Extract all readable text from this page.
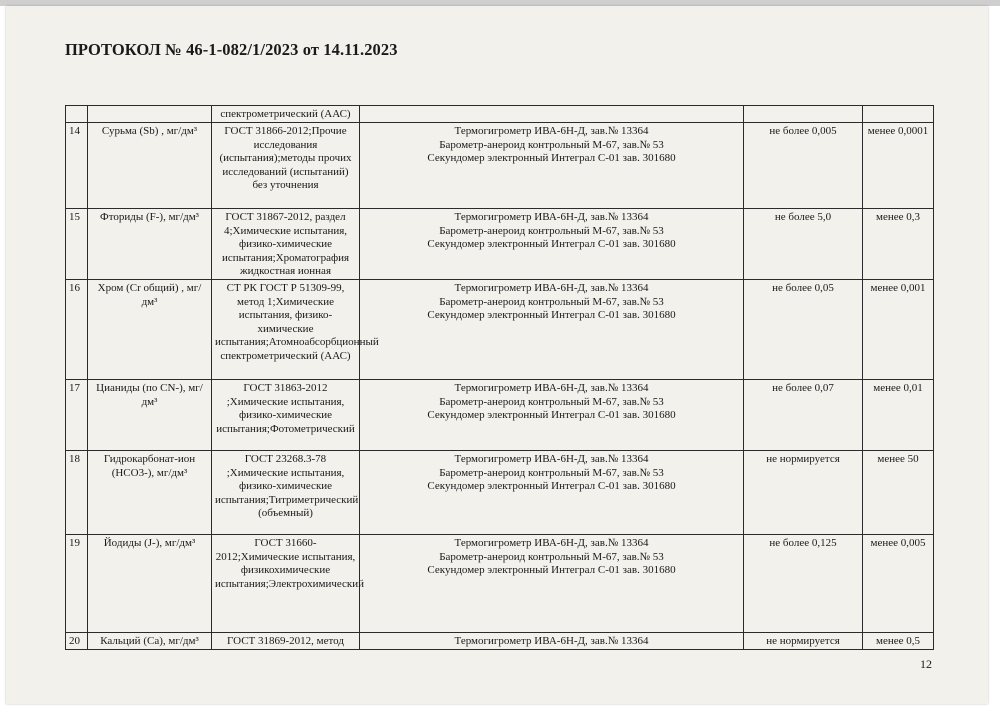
ПРОТОКОЛ № 46-1-082/1/2023 от 14.11.2023
		спектрометрический (ААС)			
14	Сурьма (Sb) , мг/дм³	ГОСТ 31866-2012;Прочие исследования (испытания);методы прочих исследований (испытаний) без уточнения	Термогигрометр ИВА-6Н-Д, зав.№ 13364
Барометр-анероид контрольный М-67, зав.№ 53
Секундомер электронный Интеграл С-01 зав. 301680	не более 0,005	менее 0,0001
15	Фториды (F-), мг/дм³	ГОСТ 31867-2012, раздел 4;Химические испытания, физико-химические испытания;Хроматография жидкостная ионная	Термогигрометр ИВА-6Н-Д, зав.№ 13364
Барометр-анероид контрольный М-67, зав.№ 53
Секундомер электронный Интеграл С-01 зав. 301680	не более 5,0	менее 0,3
16	Хром (Cr общий) , мг/дм³	СТ РК ГОСТ Р 51309-99, метод 1;Химические испытания, физико-химические испытания;Атомноабсорбционный спектрометрический (ААС)	Термогигрометр ИВА-6Н-Д, зав.№ 13364
Барометр-анероид контрольный М-67, зав.№ 53
Секундомер электронный Интеграл С-01 зав. 301680	не более 0,05	менее 0,001
17	Цианиды (по CN-), мг/дм³	ГОСТ 31863-2012 ;Химические испытания, физико-химические испытания;Фотометрический	Термогигрометр ИВА-6Н-Д, зав.№ 13364
Барометр-анероид контрольный М-67, зав.№ 53
Секундомер электронный Интеграл С-01 зав. 301680	не более 0,07	менее 0,01
18	Гидрокарбонат-ион (НСО3-), мг/дм³	ГОСТ 23268.3-78 ;Химические испытания, физико-химические испытания;Титриметрический (объемный)	Термогигрометр ИВА-6Н-Д, зав.№ 13364
Барометр-анероид контрольный М-67, зав.№ 53
Секундомер электронный Интеграл С-01 зав. 301680	не нормируется	менее 50
19	Йодиды (J-), мг/дм³	ГОСТ 31660-2012;Химические испытания, физикохимические испытания;Электрохимический	Термогигрометр ИВА-6Н-Д, зав.№ 13364
Барометр-анероид контрольный М-67, зав.№ 53
Секундомер электронный Интеграл С-01 зав. 301680	не более 0,125	менее 0,005
20	Кальций (Са), мг/дм³	ГОСТ 31869-2012, метод	Термогигрометр ИВА-6Н-Д, зав.№ 13364	не нормируется	менее 0,5
12
